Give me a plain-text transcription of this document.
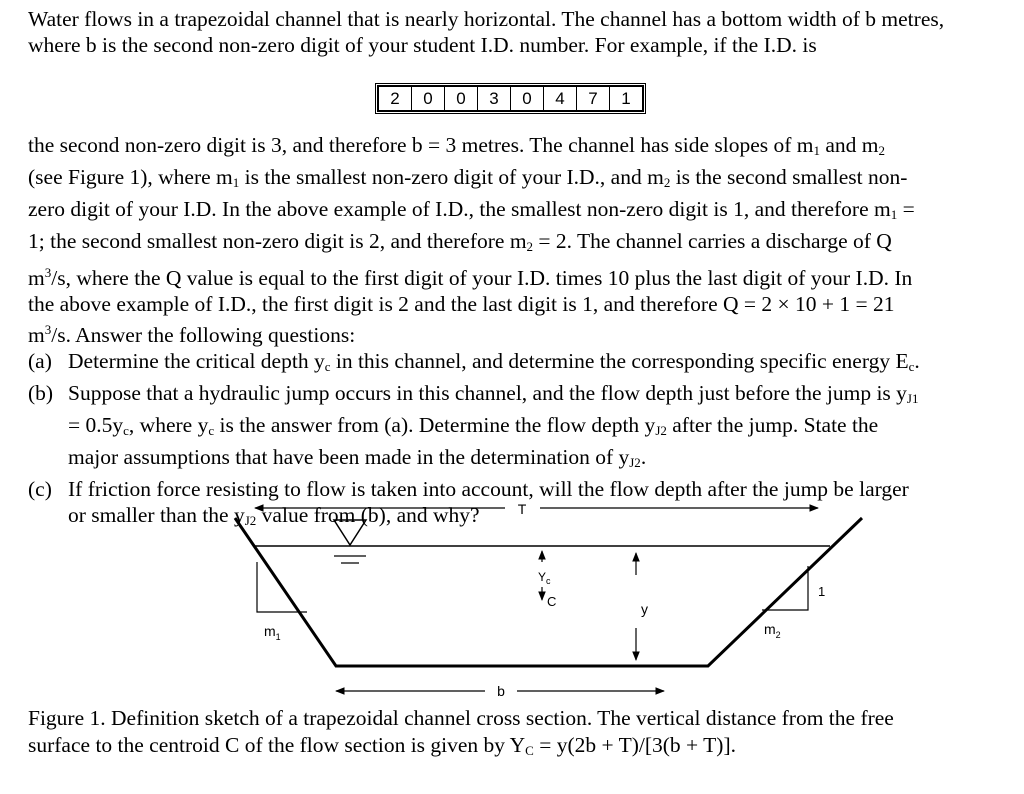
Water flows in a trapezoidal channel that is nearly horizontal. The channel has a bottom width of b metres,
where b is the second non-zero digit of your student I.D. number. For example, if the I.D. is
2	0	0	3	0	4	7	1
the second non-zero digit is 3, and therefore b = 3 metres. The channel has side slopes of $m_1$ and $m_2$
(see Figure 1), where $m_1$ is the smallest non-zero digit of your I.D., and $m_2$ is the second smallest non-
zero digit of your I.D. In the above example of I.D., the smallest non-zero digit is 1, and therefore $m_1$ =
1; the second smallest non-zero digit is 2, and therefore $m_2 = 2$. The channel carries a discharge of Q
$m^3/s$, where the Q value is equal to the first digit of your I.D. times 10 plus the last digit of your I.D. In
the above example of I.D., the first digit is 2 and the last digit is 1, and therefore Q = 2 × 10 + 1 = 21
$m^3/s$. Answer the following questions:
(a) Determine the critical depth $y_c$ in this channel, and determine the corresponding specific energy $E_c$.
(b) Suppose that a hydraulic jump occurs in this channel, and the flow depth just before the jump is $y_{J1}$
= $0.5y_c$, where $y_c$ is the answer from (a). Determine the flow depth $y_{J2}$ after the jump. State the
major assumptions that have been made in the determination of $y_{J2}$.
(c) If friction force resisting to flow is taken into account, will the flow depth after the jump be larger
or smaller than the $y_{J2}$ value from (b), and why?	T
$m_1$
1
$m_2$
$Y_c$
C	y
b
Figure 1. Definition sketch of a trapezoidal channel cross section. The vertical distance from the free
surface to the centroid C of the flow section is given by $Y_C = y(2b + T)/[3(b + T)]$.
